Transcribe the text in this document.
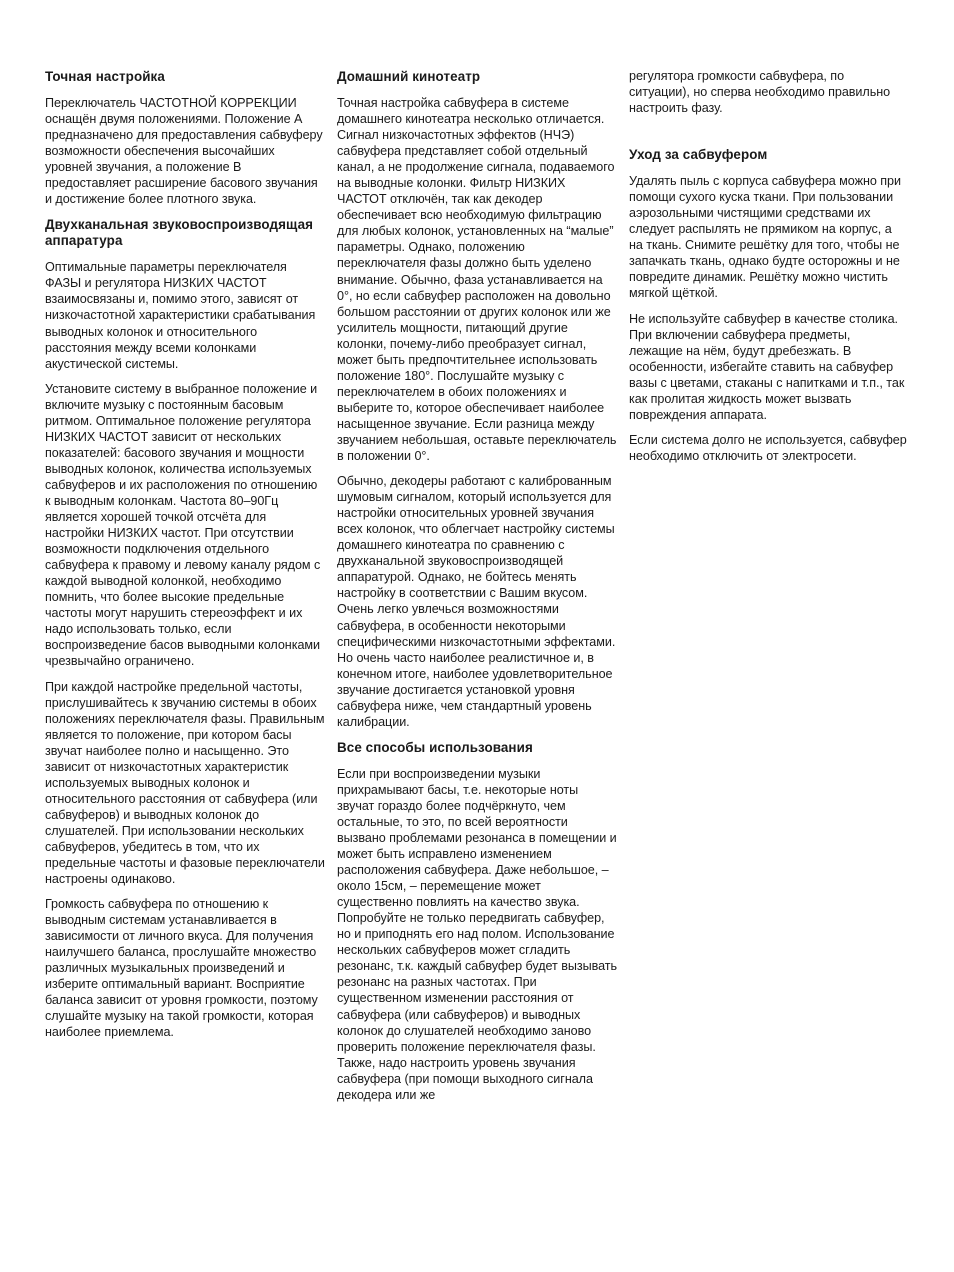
Точная настройка

Переключатель ЧАСТОТНОЙ КОРРЕКЦИИ оснащён двумя положениями. Положение А предназначено для предоставления сабвуферу возможности обеспечения высочайших уровней звучания, а положение В предоставляет расширение басового звучания и достижение более плотного звука.

Двухканальная звуковоспроизводящая аппаратура

Оптимальные параметры переключателя ФАЗЫ и регулятора НИЗКИХ ЧАСТОТ взаимосвязаны и, помимо этого, зависят от низкочастотной характеристики срабатывания выводных колонок и относительного расстояния между всеми колонками акустической системы.

Установите систему в выбранное положение и включите музыку с постоянным басовым ритмом. Оптимальное положение регулятора НИЗКИХ ЧАСТОТ зависит от нескольких показателей: басового звучания и мощности выводных колонок, количества используемых сабвуферов и их расположения по отношению к выводным колонкам. Частота 80–90Гц является хорошей точкой отсчёта для настройки НИЗКИХ частот. При отсутствии возможности подключения отдельного сабвуфера к правому и левому каналу рядом с каждой выводной колонкой, необходимо помнить, что более высокие предельные частоты могут нарушить стереоэффект и их надо использовать только, если воспроизведение басов выводными колонками чрезвычайно ограничено.

При каждой настройке предельной частоты, прислушивайтесь к звучанию системы в обоих положениях переключателя фазы. Правильным является то положение, при котором басы звучат наиболее полно и насыщенно. Это зависит от низкочастотных характеристик используемых выводных колонок и относительного расстояния от сабвуфера (или сабвуферов) и выводных колонок до слушателей. При использовании нескольких сабвуферов, убедитесь в том, что их предельные частоты и фазовые переключатели настроены одинаково.

Громкость сабвуфера по отношению к выводным системам устанавливается в зависимости от личного вкуса. Для получения наилучшего баланса, прослушайте множество различных музыкальных произведений и изберите оптимальный вариант. Восприятие баланса зависит от уровня громкости, поэтому слушайте музыку на такой громкости, которая наиболее приемлема.

Домашний кинотеатр

Точная настройка сабвуфера в системе домашнего кинотеатра несколько отличается. Сигнал низкочастотных эффектов (НЧЭ) сабвуфера представляет собой отдельный канал, а не продолжение сигнала, подаваемого на выводные колонки. Фильтр НИЗКИХ ЧАСТОТ отключён, так как декодер обеспечивает всю необходимую фильтрацию для любых колонок, установленных на “малые” параметры. Однако, положению переключателя фазы должно быть уделено внимание. Обычно, фаза устанавливается на 0°, но если сабвуфер расположен на довольно большом расстоянии от других колонок или же усилитель мощности, питающий другие колонки, почему-либо преобразует сигнал, может быть предпочтительнее использовать положение 180°. Послушайте музыку с переключателем в обоих положениях и выберите то, которое обеспечивает наиболее насыщенное звучание. Если разница между звучанием небольшая, оставьте переключатель в положении 0°.

Обычно, декодеры работают с калиброванным шумовым сигналом, который используется для настройки относительных уровней звучания всех колонок, что облегчает настройку системы домашнего кинотеатра по сравнению с двухканальной звуковоспроизводящей аппаратурой. Однако, не бойтесь менять настройку в соответствии с Вашим вкусом. Очень легко увлечься возможностями сабвуфера, в особенности некоторыми специфическими низкочастотными эффектами. Но очень часто наиболее реалистичное и, в конечном итоге, наиболее удовлетворительное звучание достигается установкой уровня сабвуфера ниже, чем стандартный уровень калибрации.

Все способы использования

Если при воспроизведении музыки прихрамывают басы, т.е. некоторые ноты звучат гораздо более подчёркнуто, чем остальные, то это, по всей вероятности вызвано проблемами резонанса в помещении и может быть исправлено изменением расположения сабвуфера. Даже небольшое, – около 15см, – перемещение может существенно повлиять на качество звука. Попробуйте не только передвигать сабвуфер, но и приподнять его над полом. Использование нескольких сабвуферов может сгладить резонанс, т.к. каждый сабвуфер будет вызывать резонанс на разных частотах. При существенном изменении расстояния от сабвуфера (или сабвуферов) и выводных колонок до слушателей необходимо заново проверить положение переключателя фазы. Также, надо настроить уровень звучания сабвуфера (при помощи выходного сигнала декодера или же

регулятора громкости сабвуфера, по ситуации), но сперва необходимо правильно настроить фазу.

Уход за сабвуфером

Удалять пыль с корпуса сабвуфера можно при помощи сухого куска ткани. При пользовании аэрозольными чистящими средствами их следует распылять не прямиком на корпус, а на ткань. Снимите решётку для того, чтобы не запачкать ткань, однако будте осторожны и не повредите динамик. Решётку можно чистить мягкой щёткой.

Не используйте сабвуфер в качестве столика. При включении сабвуфера предметы, лежащие на нём, будут дребезжать. В особенности, избегайте ставить на сабвуфер вазы с цветами, стаканы с напитками и т.п., так как пролитая жидкость может вызвать повреждения аппарата.

Если система долго не используется, сабвуфер необходимо отключить от электросети.
